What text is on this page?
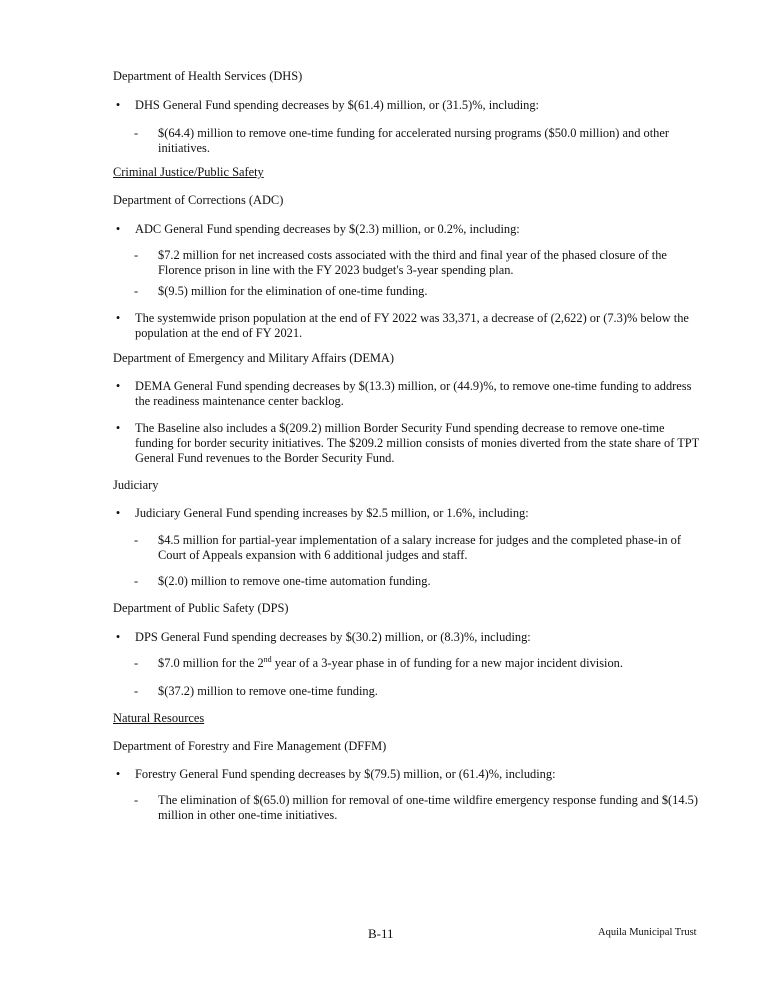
Department of Health Services (DHS)
• DHS General Fund spending decreases by $(61.4) million, or (31.5)%, including:
- $(64.4) million to remove one-time funding for accelerated nursing programs ($50.0 million) and other initiatives.
Criminal Justice/Public Safety
Department of Corrections (ADC)
• ADC General Fund spending decreases by $(2.3) million, or 0.2%, including:
- $7.2 million for net increased costs associated with the third and final year of the phased closure of the Florence prison in line with the FY 2023 budget's 3-year spending plan.
- $(9.5) million for the elimination of one-time funding.
• The systemwide prison population at the end of FY 2022 was 33,371, a decrease of (2,622) or (7.3)% below the population at the end of FY 2021.
Department of Emergency and Military Affairs (DEMA)
• DEMA General Fund spending decreases by $(13.3) million, or (44.9)%, to remove one-time funding to address the readiness maintenance center backlog.
• The Baseline also includes a $(209.2) million Border Security Fund spending decrease to remove one-time funding for border security initiatives. The $209.2 million consists of monies diverted from the state share of TPT General Fund revenues to the Border Security Fund.
Judiciary
• Judiciary General Fund spending increases by $2.5 million, or 1.6%, including:
- $4.5 million for partial-year implementation of a salary increase for judges and the completed phase-in of Court of Appeals expansion with 6 additional judges and staff.
- $(2.0) million to remove one-time automation funding.
Department of Public Safety (DPS)
• DPS General Fund spending decreases by $(30.2) million, or (8.3)%, including:
- $7.0 million for the 2nd year of a 3-year phase in of funding for a new major incident division.
- $(37.2) million to remove one-time funding.
Natural Resources
Department of Forestry and Fire Management (DFFM)
• Forestry General Fund spending decreases by $(79.5) million, or (61.4)%, including:
- The elimination of $(65.0) million for removal of one-time wildfire emergency response funding and $(14.5) million in other one-time initiatives.
B-11	Aquila Municipal Trust
